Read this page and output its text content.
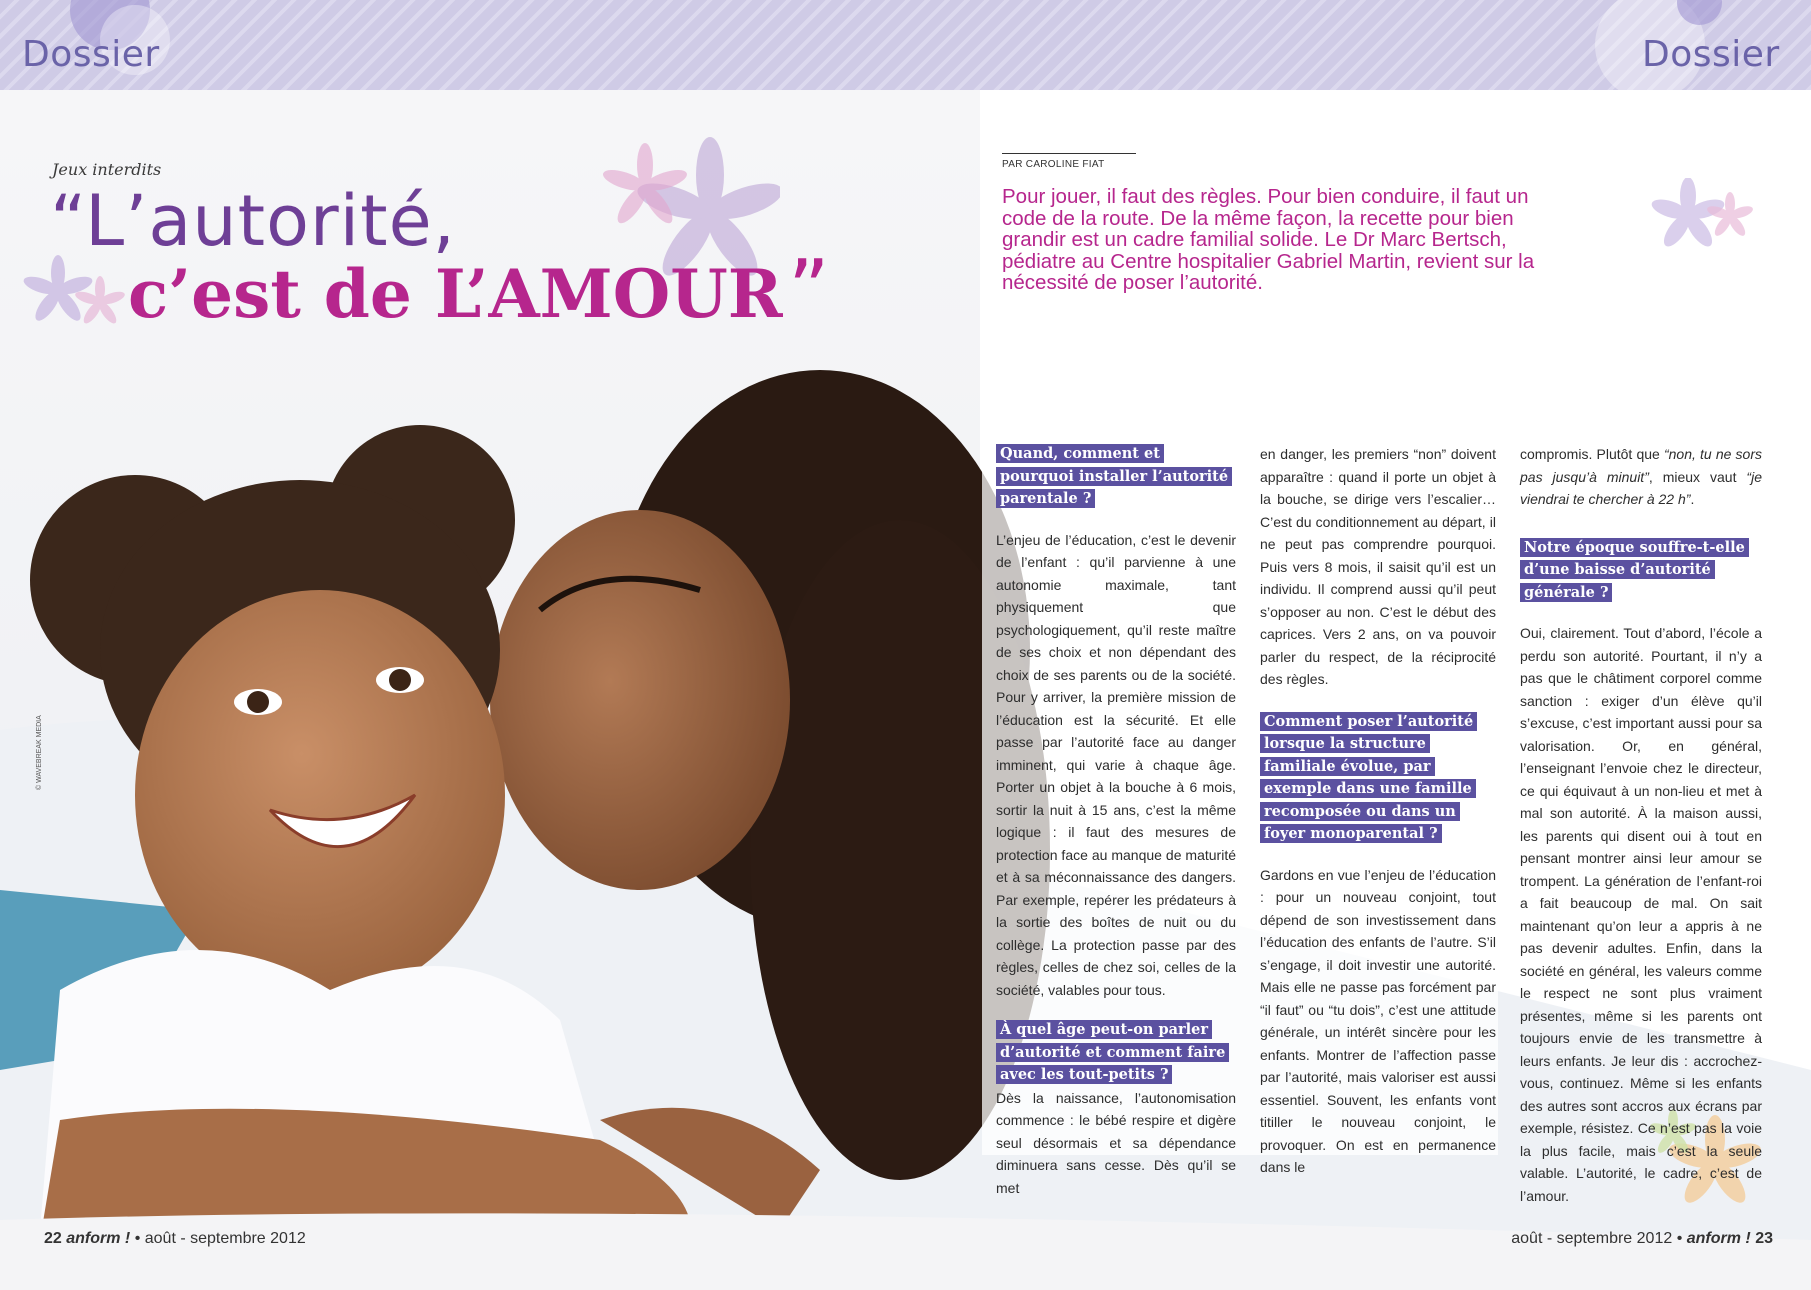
Dossier	Dossier
Jeux interdits
“L’autorité,
c’est de L’AMOUR ”
PAR CAROLINE FIAT
Pour jouer, il faut des règles. Pour bien conduire, il faut un code de la route. De la même façon, la recette pour bien grandir est un cadre familial solide. Le Dr Marc Bertsch, pédiatre au Centre hospitalier Gabriel Martin, revient sur la nécessité de poser l’autorité.
© WAVEBREAK MEDIA
Quand, comment et pourquoi installer l’autorité parentale ?

L’enjeu de l’éducation, c’est le devenir de l’enfant : qu’il parvienne à une autonomie maximale, tant physiquement que psychologiquement, qu’il reste maître de ses choix et non dépendant des choix de ses parents ou de la société. Pour y arriver, la première mission de l’éducation est la sécurité. Et elle passe par l’autorité face au danger imminent, qui varie à chaque âge. Porter un objet à la bouche à 6 mois, sortir la nuit à 15 ans, c’est la même logique : il faut des mesures de protection face au manque de maturité et à sa méconnaissance des dangers. Par exemple, repérer les prédateurs à la sortie des boîtes de nuit ou du collège. La protection passe par des règles, celles de chez soi, celles de la société, valables pour tous.

À quel âge peut-on parler d’autorité et comment faire avec les tout-petits ?

Dès la naissance, l’autonomisation commence : le bébé respire et digère seul désormais et sa dépendance diminuera sans cesse. Dès qu’il se met

en danger, les premiers “non” doivent apparaître : quand il porte un objet à la bouche, se dirige vers l’escalier… C’est du conditionnement au départ, il ne peut pas comprendre pourquoi. Puis vers 8 mois, il saisit qu’il est un individu. Il comprend aussi qu’il peut s’opposer au non. C’est le début des caprices. Vers 2 ans, on va pouvoir parler du respect, de la réciprocité des règles.

Comment poser l’autorité lorsque la structure familiale évolue, par exemple dans une famille recomposée ou dans un foyer monoparental ?

Gardons en vue l’enjeu de l’éducation : pour un nouveau conjoint, tout dépend de son investissement dans l’éducation des enfants de l’autre. S’il s’engage, il doit investir une autorité. Mais elle ne passe pas forcément par “il faut” ou “tu dois”, c’est une attitude générale, un intérêt sincère pour les enfants. Montrer de l’affection passe par l’autorité, mais valoriser est aussi essentiel. Souvent, les enfants vont titiller le nouveau conjoint, le provoquer. On est en permanence dans le

compromis. Plutôt que “non, tu ne sors pas jusqu’à minuit”, mieux vaut “je viendrai te chercher à 22 h”.

Notre époque souffre-t-elle d’une baisse d’autorité générale ?

Oui, clairement. Tout d’abord, l’école a perdu son autorité. Pourtant, il n’y a pas que le châtiment corporel comme sanction : exiger d’un élève qu’il s’excuse, c’est important aussi pour sa valorisation. Or, en général, l’enseignant l’envoie chez le directeur, ce qui équivaut à un non-lieu et met à mal son autorité. À la maison aussi, les parents qui disent oui à tout en pensant montrer ainsi leur amour se trompent. La génération de l’enfant-roi a fait beaucoup de mal. On sait maintenant qu’on leur a appris à ne pas devenir adultes. Enfin, dans la société en général, les valeurs comme le respect ne sont plus vraiment présentes, même si les parents ont toujours envie de les transmettre à leurs enfants. Je leur dis : accrochez-vous, continuez. Même si les enfants des autres sont accros aux écrans par exemple, résistez. Ce n’est pas la voie la plus facile, mais c’est la seule valable. L’autorité, le cadre, c’est de l’amour.

22 anform ! • août - septembre 2012	août - septembre 2012 • anform ! 23
